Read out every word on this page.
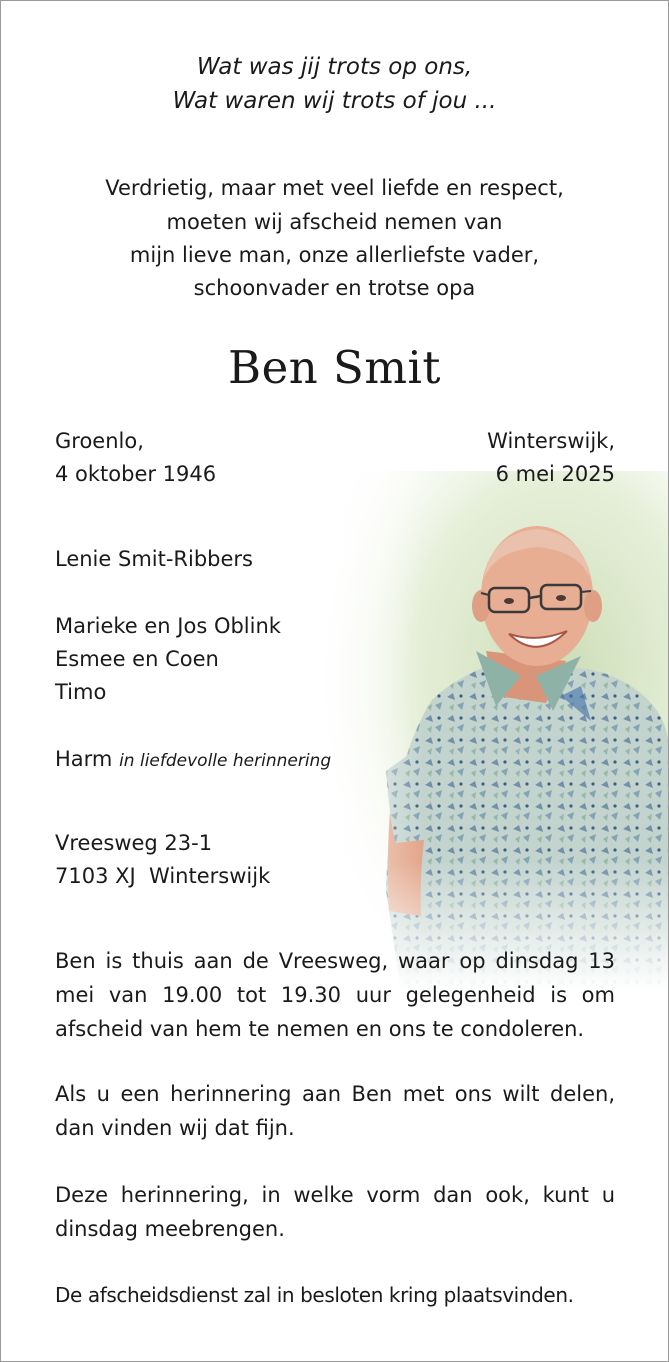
Wat was jij trots op ons,
Wat waren wij trots of jou ...
Verdrietig, maar met veel liefde en respect,
moeten wij afscheid nemen van
mijn lieve man, onze allerliefste vader,
schoonvader en trotse opa
Ben Smit
Groenlo,
4 oktober 1946
Winterswijk,
6 mei 2025
Lenie Smit-Ribbers
Marieke en Jos Oblink
Esmee en Coen
Timo
Harm in liefdevolle herinnering
Vreesweg 23-1
7103 XJ  Winterswijk
Ben is thuis aan de Vreesweg, waar op dinsdag 13 mei van 19.00 tot 19.30 uur gelegenheid is om afscheid van hem te nemen en ons te condoleren.
Als u een herinnering aan Ben met ons wilt delen, dan vinden wij dat fijn.
Deze herinnering, in welke vorm dan ook, kunt u dinsdag meebrengen.
De afscheidsdienst zal in besloten kring plaatsvinden.
